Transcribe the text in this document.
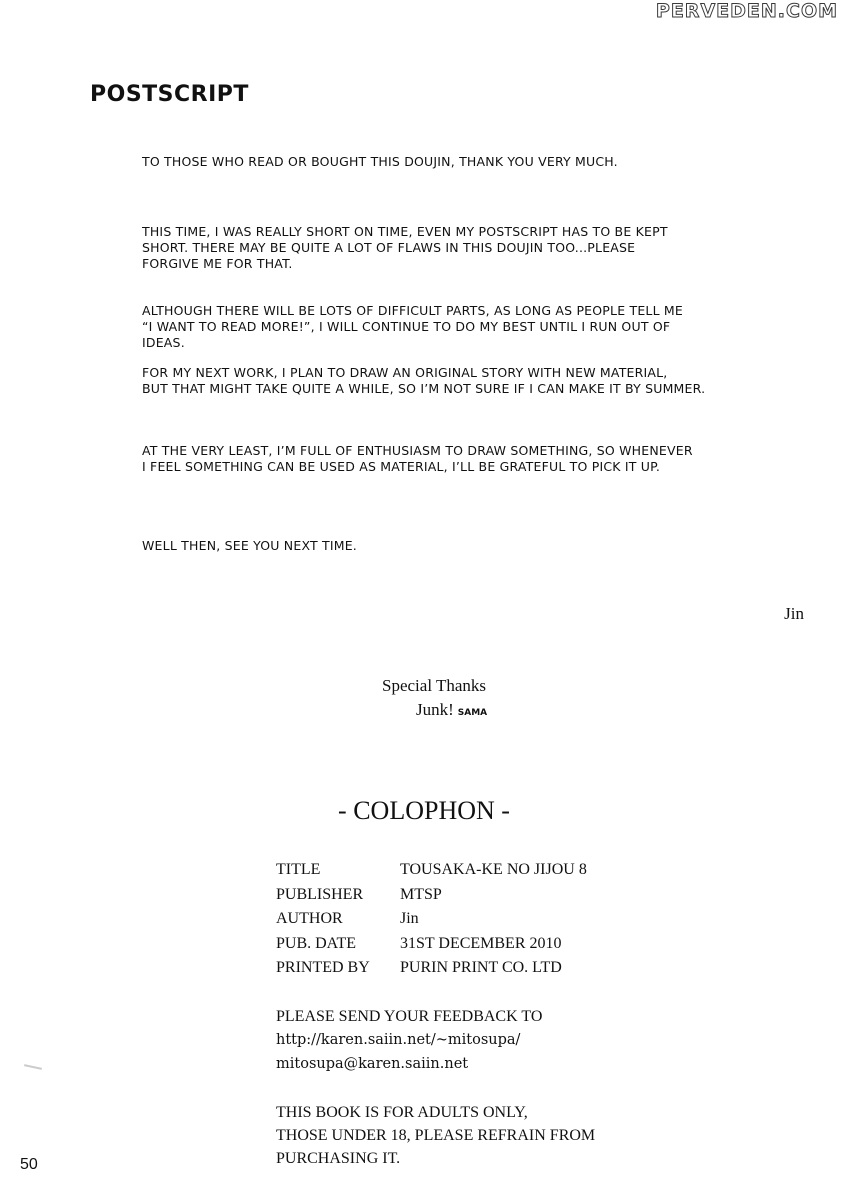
PERVEDEN.COM
POSTSCRIPT

TO THOSE WHO READ OR BOUGHT THIS DOUJIN, THANK YOU VERY MUCH.

THIS TIME, I WAS REALLY SHORT ON TIME, EVEN MY POSTSCRIPT HAS TO BE KEPT
SHORT. THERE MAY BE QUITE A LOT OF FLAWS IN THIS DOUJIN TOO...PLEASE
FORGIVE ME FOR THAT.

ALTHOUGH THERE WILL BE LOTS OF DIFFICULT PARTS, AS LONG AS PEOPLE TELL ME
“I WANT TO READ MORE!”, I WILL CONTINUE TO DO MY BEST UNTIL I RUN OUT OF
IDEAS.

FOR MY NEXT WORK, I PLAN TO DRAW AN ORIGINAL STORY WITH NEW MATERIAL,
BUT THAT MIGHT TAKE QUITE A WHILE, SO I’M NOT SURE IF I CAN MAKE IT BY SUMMER.

AT THE VERY LEAST, I’M FULL OF ENTHUSIASM TO DRAW SOMETHING, SO WHENEVER
I FEEL SOMETHING CAN BE USED AS MATERIAL, I’LL BE GRATEFUL TO PICK IT UP.

WELL THEN, SEE YOU NEXT TIME.

Jin
Special Thanks
Junk! SAMA
- COLOPHON -
TITLE	TOUSAKA-KE NO JIJOU 8
PUBLISHER	MTSP
AUTHOR	Jin
PUB. DATE	31ST DECEMBER 2010
PRINTED BY	PURIN PRINT CO. LTD
PLEASE SEND YOUR FEEDBACK TO
http://karen.saiin.net/~mitosupa/
mitosupa@karen.saiin.net

THIS BOOK IS FOR ADULTS ONLY,
THOSE UNDER 18, PLEASE REFRAIN FROM
PURCHASING IT.

50
